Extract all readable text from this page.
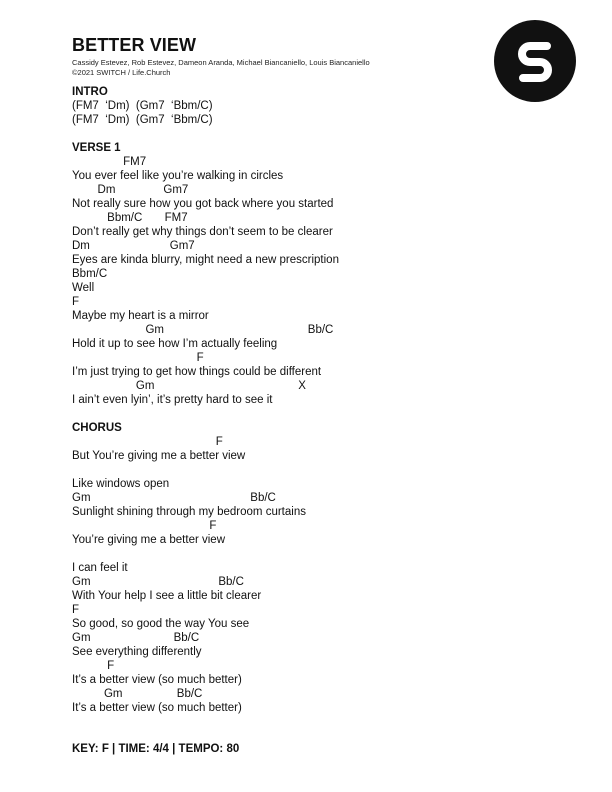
BETTER VIEW
Cassidy Estevez, Rob Estevez, Dameon Aranda, Michael Biancaniello, Louis Biancaniello
©2021 SWITCH / Life.Church
INTRO
(FM7  ‘Dm)  (Gm7  ‘Bbm/C)
(FM7  ‘Dm)  (Gm7  ‘Bbm/C)
VERSE 1
FM7
You ever feel like you’re walking in circles
Dm               Gm7
Not really sure how you got back where you started
Bbm/C       FM7
Don’t really get why things don’t seem to be clearer
Dm                         Gm7
Eyes are kinda blurry, might need a new prescription
Bbm/C
Well
F
Maybe my heart is a mirror
Gm                                             Bb/C
Hold it up to see how I’m actually feeling
F
I’m just trying to get how things could be different
Gm                                             X
I ain’t even lyin’, it’s pretty hard to see it
CHORUS
F
But You’re giving me a better view
Like windows open
Gm                                                  Bb/C
Sunlight shining through my bedroom curtains
F
You’re giving me a better view
I can feel it
Gm                                        Bb/C
With Your help I see a little bit clearer
F
So good, so good the way You see
Gm                          Bb/C
See everything differently
F
It’s a better view (so much better)
Gm                 Bb/C
It’s a better view (so much better)
KEY: F | TIME: 4/4 | TEMPO: 80
